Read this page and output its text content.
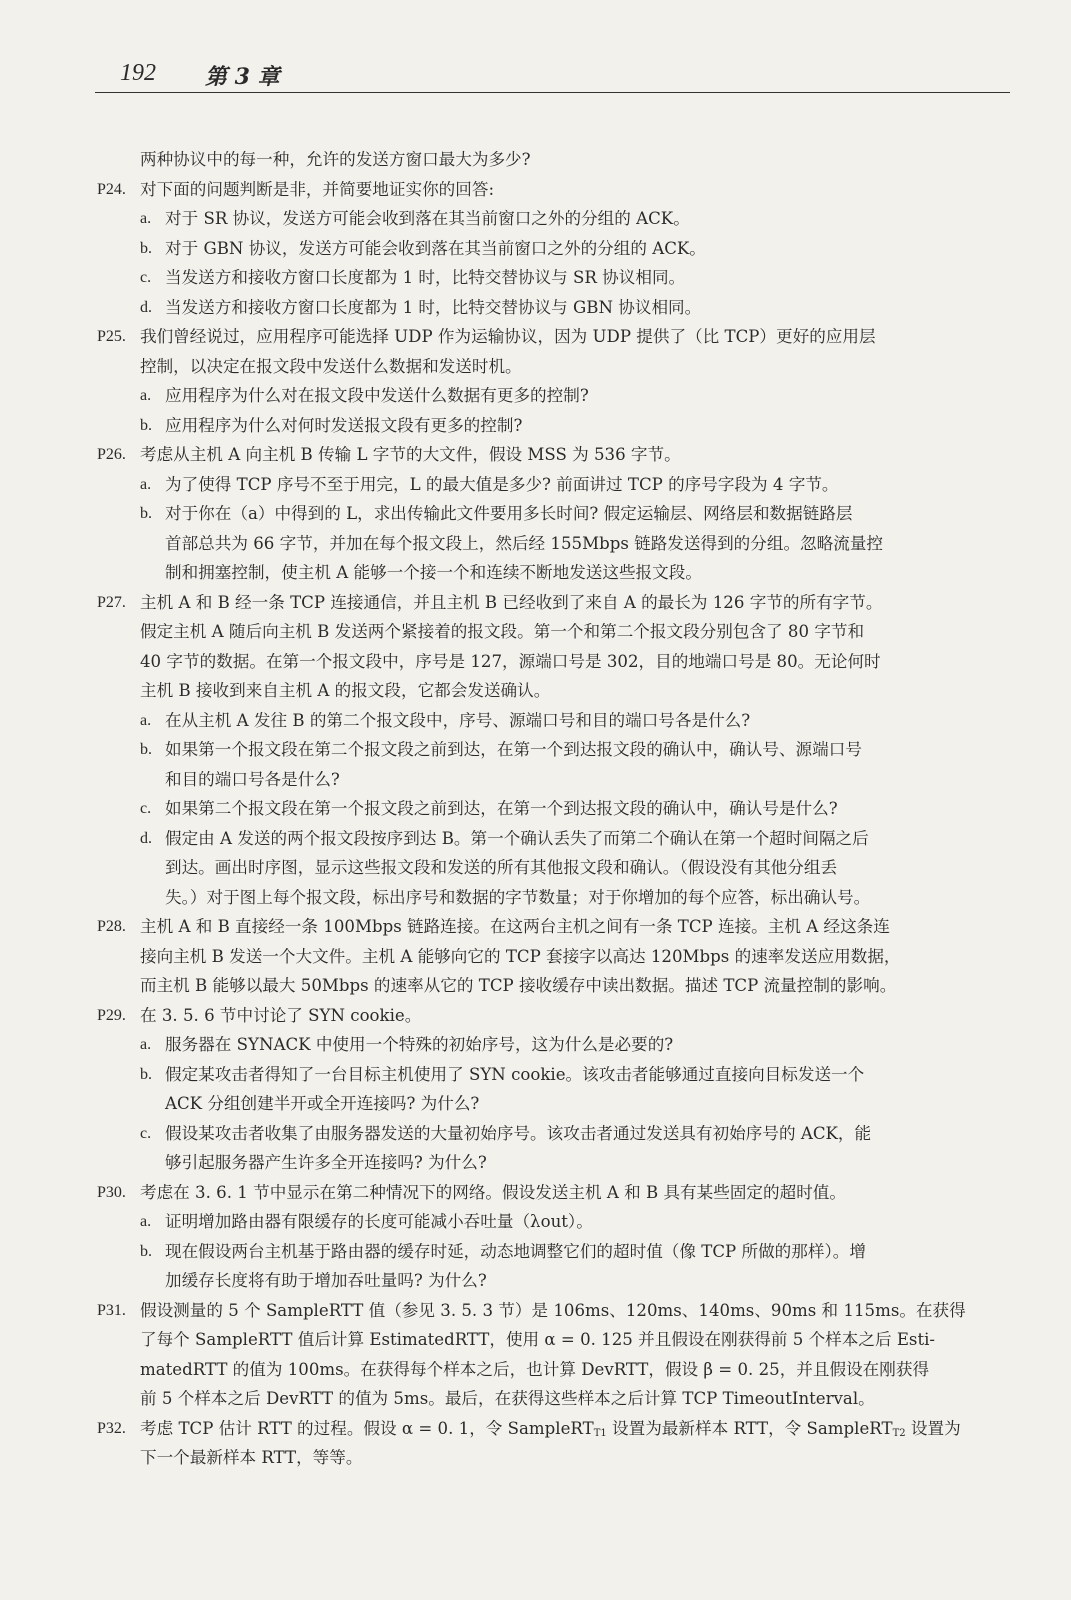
192 第 3 章
两种协议中的每一种，允许的发送方窗口最大为多少?
P24. 对下面的问题判断是非，并简要地证实你的回答:
a. 对于 SR 协议，发送方可能会收到落在其当前窗口之外的分组的 ACK。
b. 对于 GBN 协议，发送方可能会收到落在其当前窗口之外的分组的 ACK。
c. 当发送方和接收方窗口长度都为 1 时，比特交替协议与 SR 协议相同。
d. 当发送方和接收方窗口长度都为 1 时，比特交替协议与 GBN 协议相同。
P25. 我们曾经说过，应用程序可能选择 UDP 作为运输协议，因为 UDP 提供了（比 TCP）更好的应用层
控制，以决定在报文段中发送什么数据和发送时机。
a. 应用程序为什么对在报文段中发送什么数据有更多的控制?
b. 应用程序为什么对何时发送报文段有更多的控制?
P26. 考虑从主机 A 向主机 B 传输 L 字节的大文件，假设 MSS 为 536 字节。
a. 为了使得 TCP 序号不至于用完，L 的最大值是多少? 前面讲过 TCP 的序号字段为 4 字节。
b. 对于你在（a）中得到的 L，求出传输此文件要用多长时间? 假定运输层、网络层和数据链路层
首部总共为 66 字节，并加在每个报文段上，然后经 155Mbps 链路发送得到的分组。忽略流量控
制和拥塞控制，使主机 A 能够一个接一个和连续不断地发送这些报文段。
P27. 主机 A 和 B 经一条 TCP 连接通信，并且主机 B 已经收到了来自 A 的最长为 126 字节的所有字节。
假定主机 A 随后向主机 B 发送两个紧接着的报文段。第一个和第二个报文段分别包含了 80 字节和
40 字节的数据。在第一个报文段中，序号是 127，源端口号是 302，目的地端口号是 80。无论何时
主机 B 接收到来自主机 A 的报文段，它都会发送确认。
a. 在从主机 A 发往 B 的第二个报文段中，序号、源端口号和目的端口号各是什么?
b. 如果第一个报文段在第二个报文段之前到达，在第一个到达报文段的确认中，确认号、源端口号
和目的端口号各是什么?
c. 如果第二个报文段在第一个报文段之前到达，在第一个到达报文段的确认中，确认号是什么?
d. 假定由 A 发送的两个报文段按序到达 B。第一个确认丢失了而第二个确认在第一个超时间隔之后
到达。画出时序图，显示这些报文段和发送的所有其他报文段和确认。（假设没有其他分组丢
失。）对于图上每个报文段，标出序号和数据的字节数量；对于你增加的每个应答，标出确认号。
P28. 主机 A 和 B 直接经一条 100Mbps 链路连接。在这两台主机之间有一条 TCP 连接。主机 A 经这条连
接向主机 B 发送一个大文件。主机 A 能够向它的 TCP 套接字以高达 120Mbps 的速率发送应用数据，
而主机 B 能够以最大 50Mbps 的速率从它的 TCP 接收缓存中读出数据。描述 TCP 流量控制的影响。
P29. 在 3. 5. 6 节中讨论了 SYN cookie。
a. 服务器在 SYNACK 中使用一个特殊的初始序号，这为什么是必要的?
b. 假定某攻击者得知了一台目标主机使用了 SYN cookie。该攻击者能够通过直接向目标发送一个
ACK 分组创建半开或全开连接吗? 为什么?
c. 假设某攻击者收集了由服务器发送的大量初始序号。该攻击者通过发送具有初始序号的 ACK，能
够引起服务器产生许多全开连接吗? 为什么?
P30. 考虑在 3. 6. 1 节中显示在第二种情况下的网络。假设发送主机 A 和 B 具有某些固定的超时值。
a. 证明增加路由器有限缓存的长度可能减小吞吐量（λout）。
b. 现在假设两台主机基于路由器的缓存时延，动态地调整它们的超时值（像 TCP 所做的那样）。增
加缓存长度将有助于增加吞吐量吗? 为什么?
P31. 假设测量的 5 个 SampleRTT 值（参见 3. 5. 3 节）是 106ms、120ms、140ms、90ms 和 115ms。在获得
了每个 SampleRTT 值后计算 EstimatedRTT，使用 α = 0. 125 并且假设在刚获得前 5 个样本之后 Esti-
matedRTT 的值为 100ms。在获得每个样本之后，也计算 DevRTT，假设 β = 0. 25，并且假设在刚获得
前 5 个样本之后 DevRTT 的值为 5ms。最后，在获得这些样本之后计算 TCP TimeoutInterval。
P32. 考虑 TCP 估计 RTT 的过程。假设 α = 0. 1，令 SampleRT$_{T1}$ 设置为最新样本 RTT，令 SampleRT$_{T2}$ 设置为
下一个最新样本 RTT，等等。
